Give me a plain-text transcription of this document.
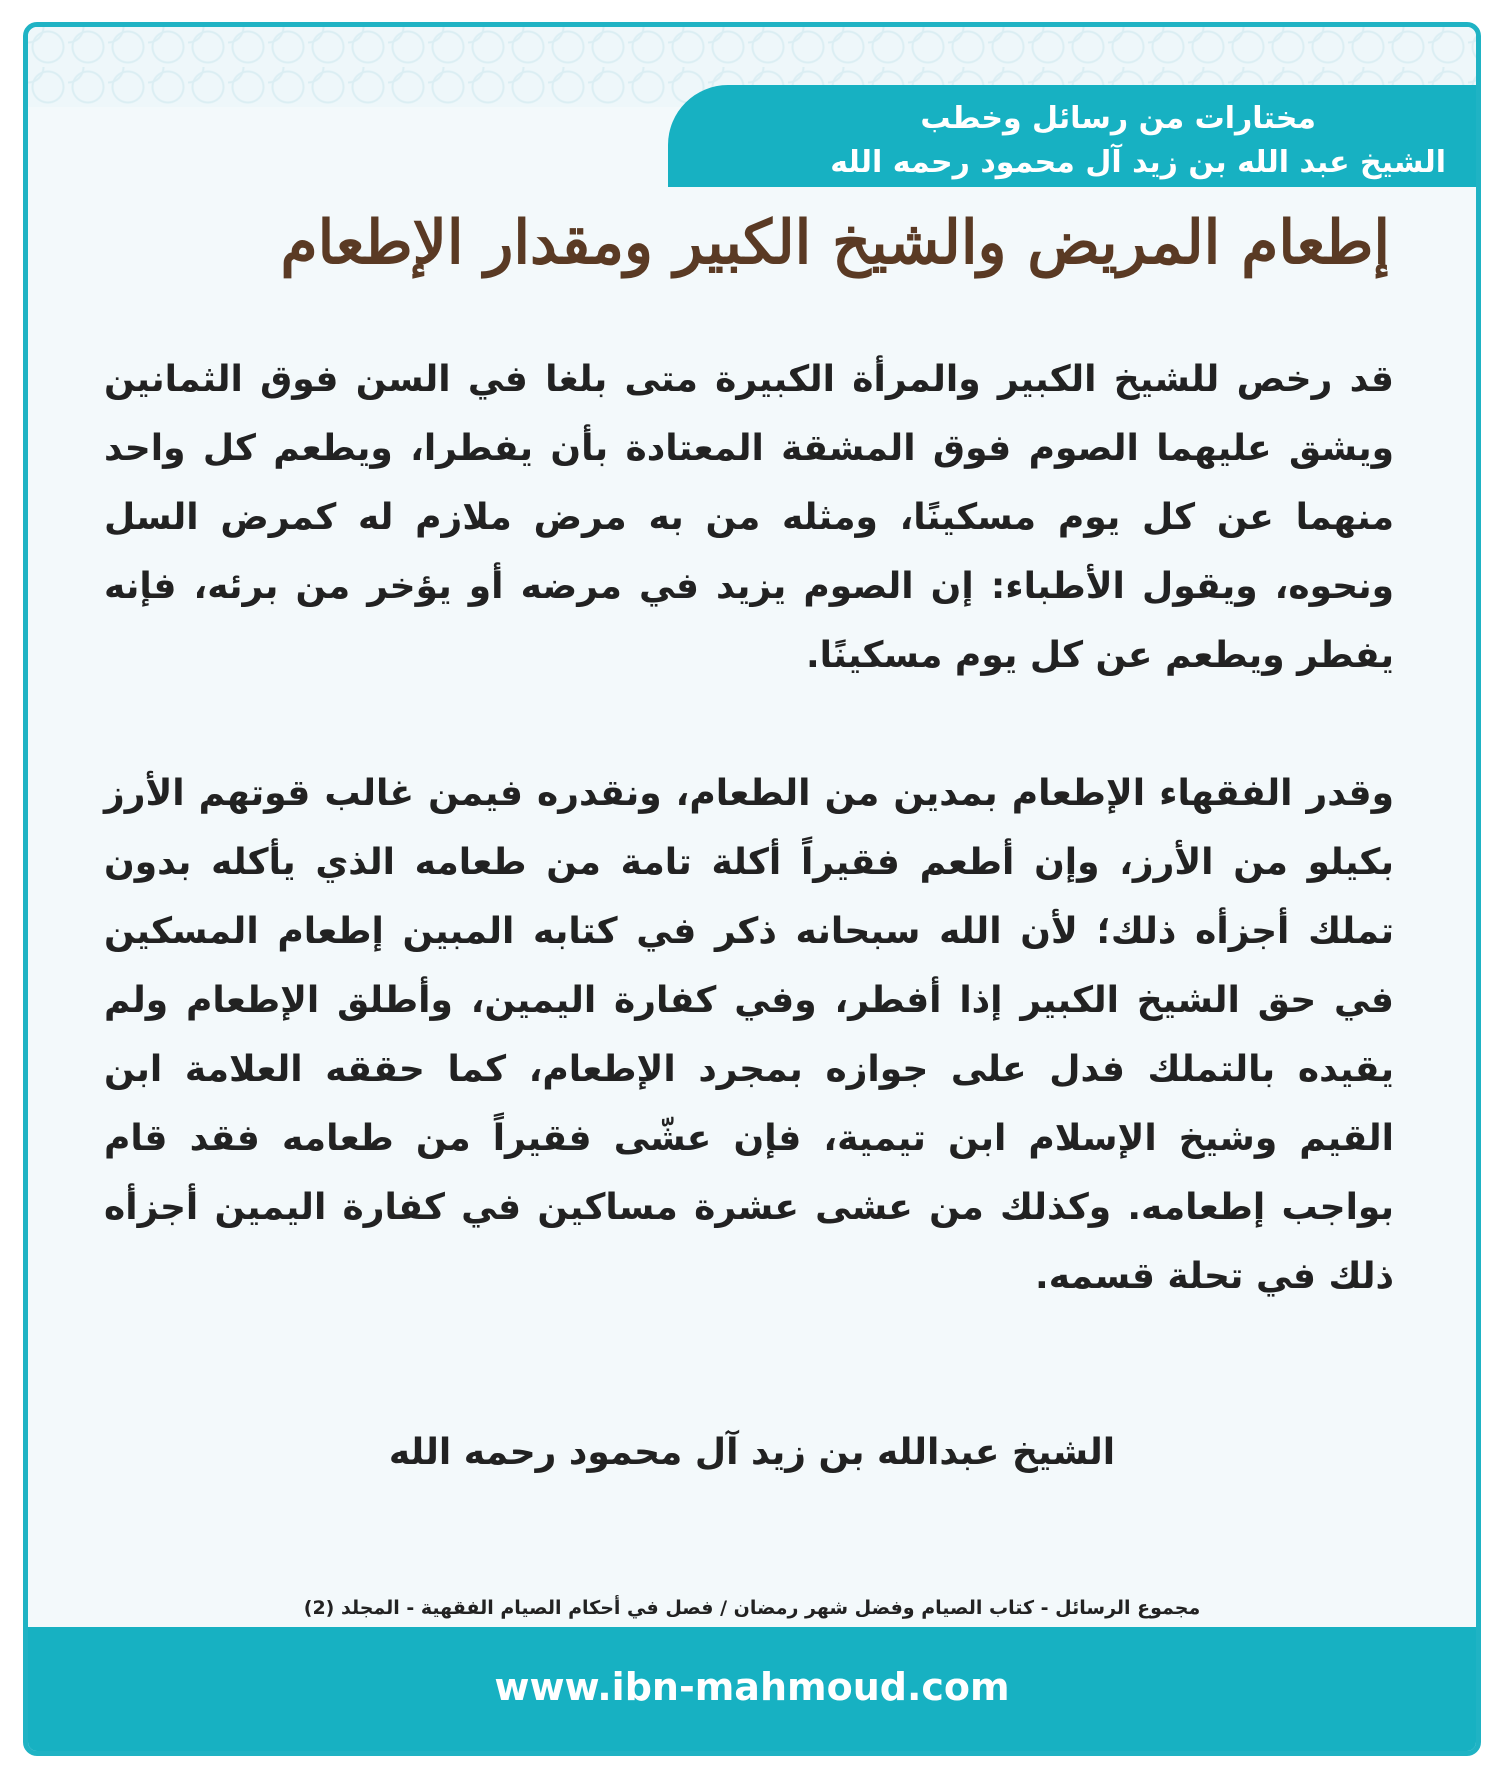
مختارات من رسائل وخطب
الشيخ عبد الله بن زيد آل محمود رحمه الله
إطعام المريض والشيخ الكبير ومقدار الإطعام

قد رخص للشيخ الكبير والمرأة الكبيرة متى بلغا في السن فوق الثمانين ويشق عليهما الصوم فوق المشقة المعتادة بأن يفطرا، ويطعم كل واحد منهما عن كل يوم مسكينًا، ومثله من به مرض ملازم له كمرض السل ونحوه، ويقول الأطباء: إن الصوم يزيد في مرضه أو يؤخر من برئه، فإنه يفطر ويطعم عن كل يوم مسكينًا.

وقدر الفقهاء الإطعام بمدين من الطعام، ونقدره فيمن غالب قوتهم الأرز بكيلو من الأرز، وإن أطعم فقيراً أكلة تامة من طعامه الذي يأكله بدون تملك أجزأه ذلك؛ لأن الله سبحانه ذكر في كتابه المبين إطعام المسكين في حق الشيخ الكبير إذا أفطر، وفي كفارة اليمين، وأطلق الإطعام ولم يقيده بالتملك فدل على جوازه بمجرد الإطعام، كما حققه العلامة ابن القيم وشيخ الإسلام ابن تيمية، فإن عشّى فقيراً من طعامه فقد قام بواجب إطعامه. وكذلك من عشى عشرة مساكين في كفارة اليمين أجزأه ذلك في تحلة قسمه.

الشيخ عبدالله بن زيد آل محمود رحمه الله
مجموع الرسائل - كتاب الصيام وفضل شهر رمضان / فصل في أحكام الصيام الفقهية - المجلد (2)
www.ibn-mahmoud.com
